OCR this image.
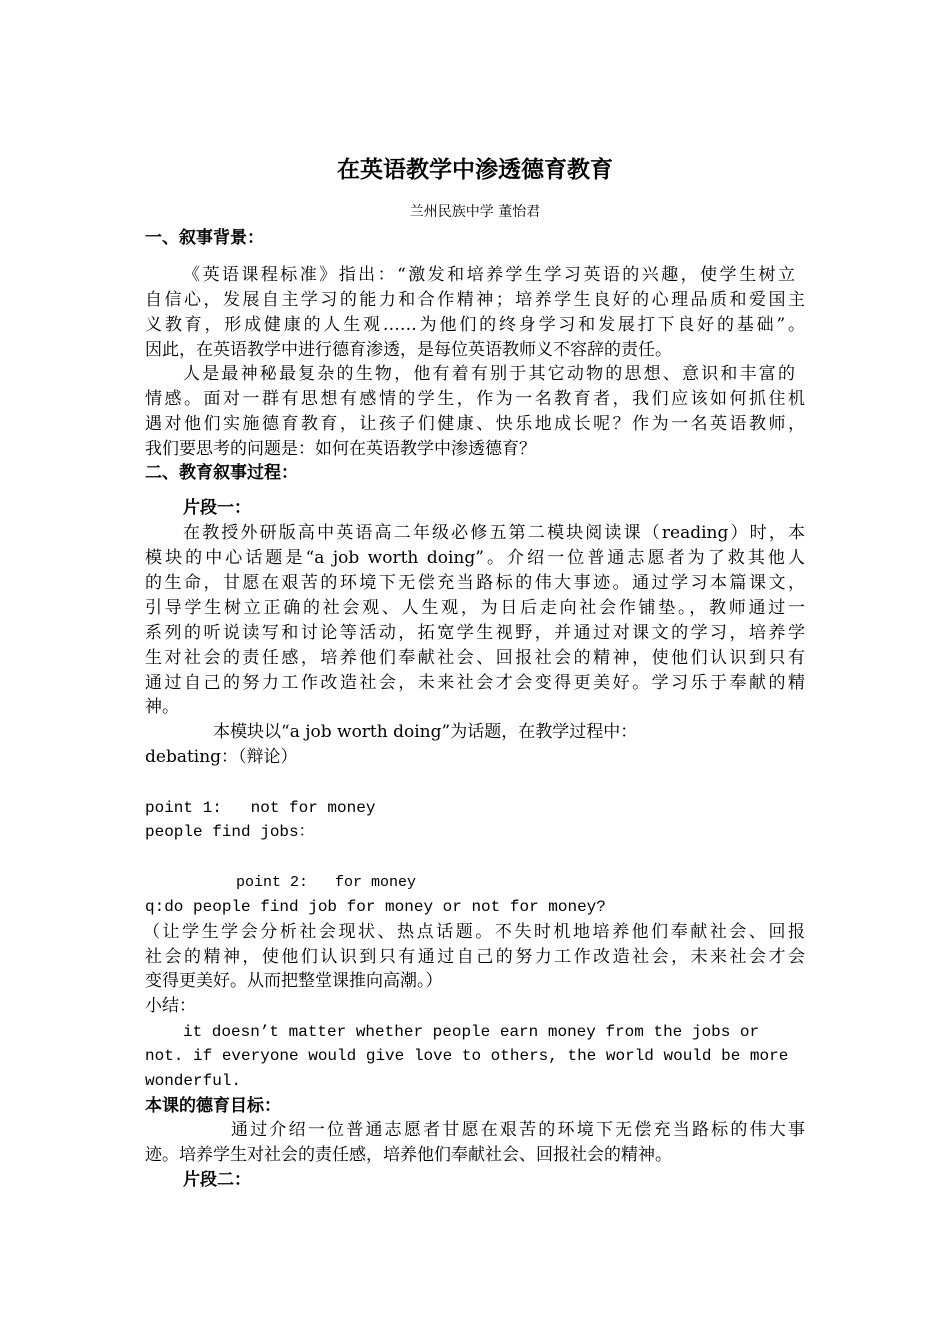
在英语教学中渗透德育教育
兰州民族中学 董怡君
一、叙事背景：
《英语课程标准》指出：“激发和培养学生学习英语的兴趣，使学生树立
自信心，发展自主学习的能力和合作精神；培养学生良好的心理品质和爱国主
义教育，形成健康的人生观……为他们的终身学习和发展打下良好的基础”。
因此，在英语教学中进行德育渗透，是每位英语教师义不容辞的责任。
人是最神秘最复杂的生物，他有着有别于其它动物的思想、意识和丰富的
情感。面对一群有思想有感情的学生，作为一名教育者，我们应该如何抓住机
遇对他们实施德育教育，让孩子们健康、快乐地成长呢？作为一名英语教师，
我们要思考的问题是：如何在英语教学中渗透德育？
二、教育叙事过程：
片段一：
在教授外研版高中英语高二年级必修五第二模块阅读课（reading）时，本
模块的中心话题是“a job worth doing”。介绍一位普通志愿者为了救其他人
的生命，甘愿在艰苦的环境下无偿充当路标的伟大事迹。通过学习本篇课文，
引导学生树立正确的社会观、人生观，为日后走向社会作铺垫。，教师通过一
系列的听说读写和讨论等活动，拓宽学生视野，并通过对课文的学习，培养学
生对社会的责任感，培养他们奉献社会、回报社会的精神，使他们认识到只有
通过自己的努力工作改造社会，未来社会才会变得更美好。学习乐于奉献的精
神。
本模块以“a job worth doing”为话题，在教学过程中：
debating：（辩论）
point 1:   not for money
people find jobs：
point 2:   for money
q:do people find job for money or not for money?
（让学生学会分析社会现状、热点话题。不失时机地培养他们奉献社会、回报
社会的精神，使他们认识到只有通过自己的努力工作改造社会，未来社会才会
变得更美好。从而把整堂课推向高潮。）
小结：
it doesn’t matter whether people earn money from the jobs or
not. if everyone would give love to others, the world would be more
wonderful.
本课的德育目标：
通过介绍一位普通志愿者甘愿在艰苦的环境下无偿充当路标的伟大事
迹。培养学生对社会的责任感，培养他们奉献社会、回报社会的精神。
片段二：
